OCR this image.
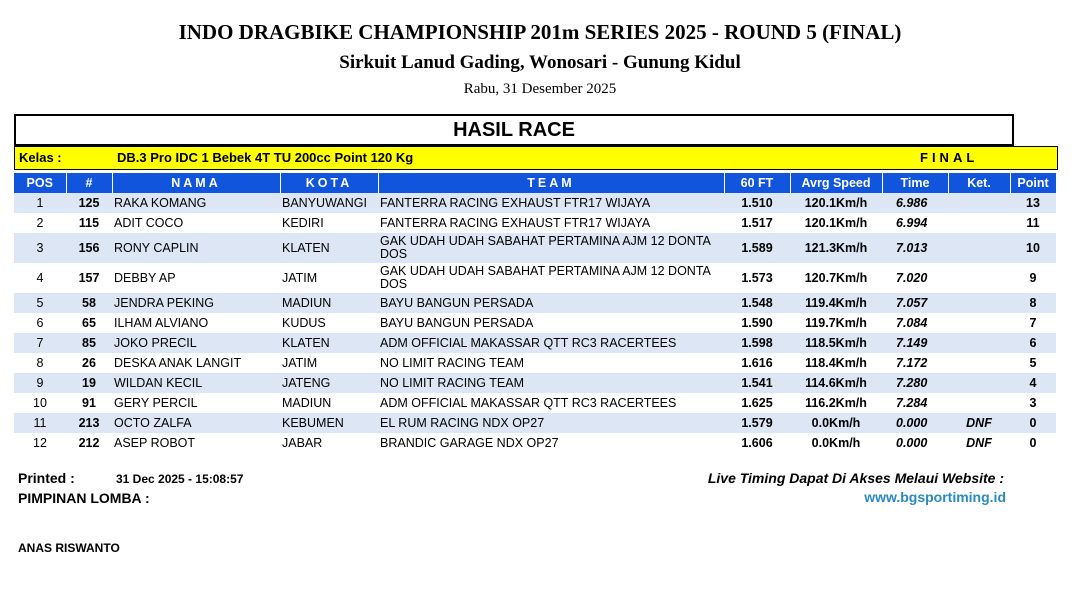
INDO DRAGBIKE CHAMPIONSHIP 201m SERIES 2025 - ROUND 5 (FINAL)
Sirkuit Lanud Gading, Wonosari - Gunung Kidul
Rabu, 31 Desember 2025
HASIL RACE
Kelas :	DB.3 Pro IDC 1 Bebek 4T TU 200cc Point 120 Kg	FINAL
POS	#	NAMA	KOTA	TEAM	60 FT	Avrg Speed	Time	Ket.	Point
1	125	RAKA KOMANG	BANYUWANGI	FANTERRA RACING EXHAUST FTR17 WIJAYA	1.510	120.1Km/h	6.986		13
2	115	ADIT COCO	KEDIRI	FANTERRA RACING EXHAUST FTR17 WIJAYA	1.517	120.1Km/h	6.994		11
3	156	RONY CAPLIN	KLATEN	GAK UDAH UDAH SABAHAT PERTAMINA AJM 12 DONTA DOS	1.589	121.3Km/h	7.013		10
4	157	DEBBY AP	JATIM	GAK UDAH UDAH SABAHAT PERTAMINA AJM 12 DONTA DOS	1.573	120.7Km/h	7.020		9
5	58	JENDRA PEKING	MADIUN	BAYU BANGUN PERSADA	1.548	119.4Km/h	7.057		8
6	65	ILHAM ALVIANO	KUDUS	BAYU BANGUN PERSADA	1.590	119.7Km/h	7.084		7
7	85	JOKO PRECIL	KLATEN	ADM OFFICIAL MAKASSAR QTT RC3 RACERTEES	1.598	118.5Km/h	7.149		6
8	26	DESKA ANAK LANGIT	JATIM	NO LIMIT RACING TEAM	1.616	118.4Km/h	7.172		5
9	19	WILDAN KECIL	JATENG	NO LIMIT RACING TEAM	1.541	114.6Km/h	7.280		4
10	91	GERY PERCIL	MADIUN	ADM OFFICIAL MAKASSAR QTT RC3 RACERTEES	1.625	116.2Km/h	7.284		3
11	213	OCTO ZALFA	KEBUMEN	EL RUM RACING NDX OP27	1.579	0.0Km/h	0.000	DNF	0
12	212	ASEP ROBOT	JABAR	BRANDIC GARAGE NDX OP27	1.606	0.0Km/h	0.000	DNF	0
Printed :	31 Dec 2025 - 15:08:57	Live Timing Dapat Di Akses Melaui Website :
www.bgsportiming.id
PIMPINAN LOMBA :
ANAS RISWANTO
